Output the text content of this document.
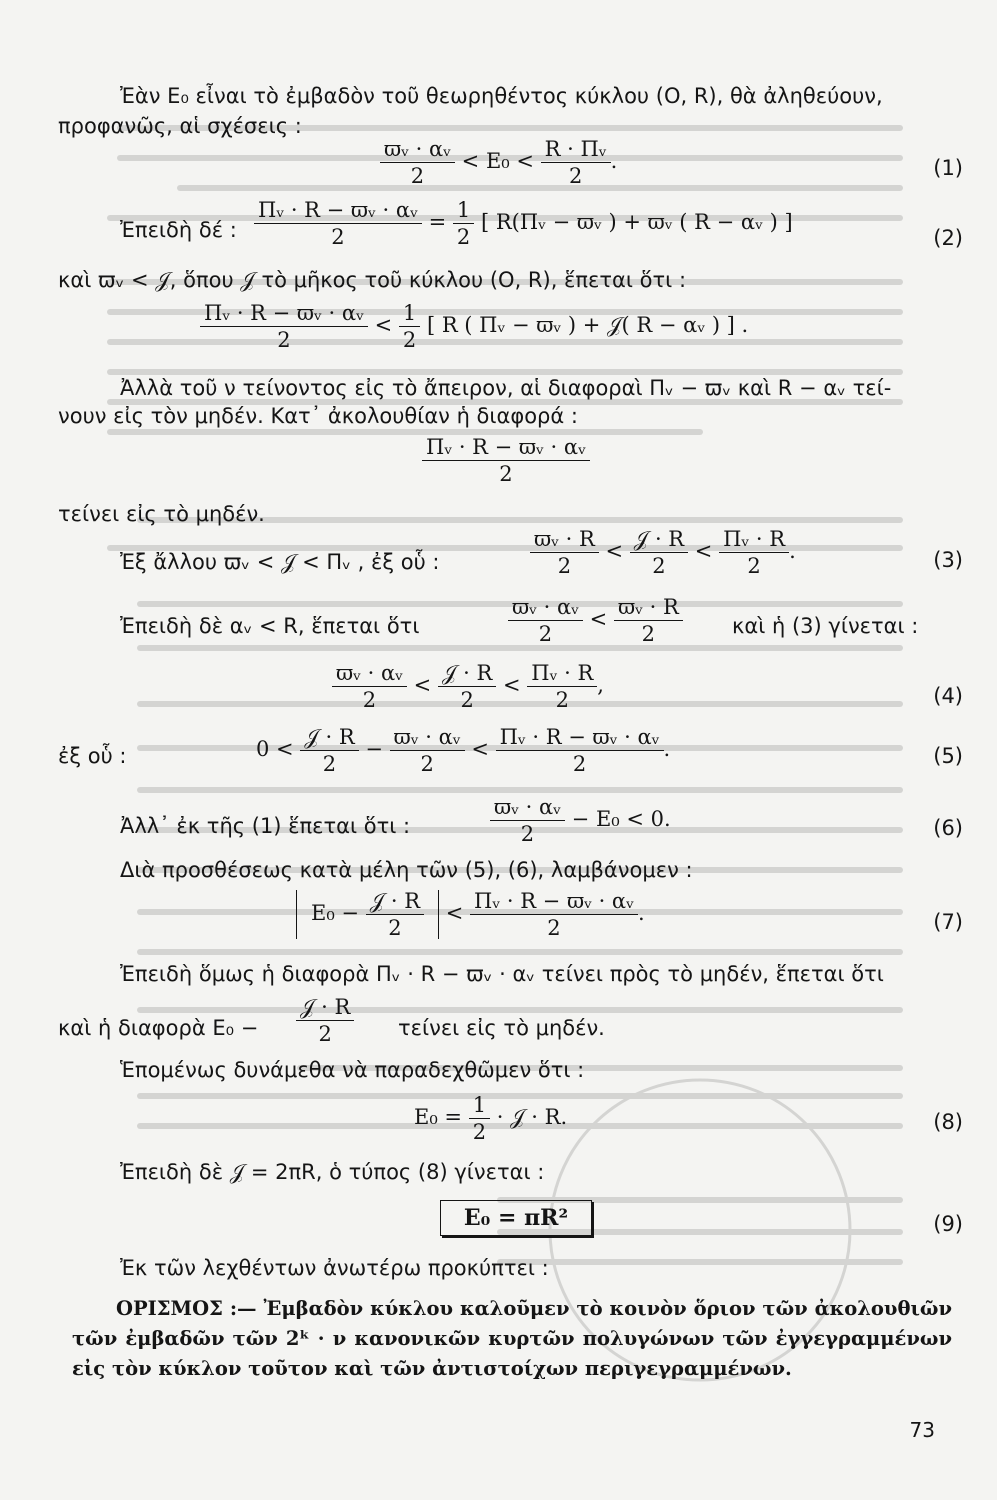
Ἐὰν E₀ εἶναι τὸ ἐμβαδὸν τοῦ θεωρηθέντος κύκλου (O, R), θὰ ἀληθεύουν,
προφανῶς, αἱ σχέσεις :
$\frac{\text{ϖᵥ · αᵥ}}{2} < E_0 < \frac{\text{R · Πᵥ}}{2}$ .	(1)
Ἐπειδὴ δέ : $\frac{\text{Πᵥ · R − ϖᵥ · αᵥ}}{2} = \frac{1}{2}$ [ R(Πᵥ − ϖᵥ ) + ϖᵥ ( R − αᵥ ) ]
(2)
καὶ ϖᵥ < 𝒥, ὅπου 𝒥 τὸ μῆκος τοῦ κύκλου (O, R), ἕπεται ὅτι :
$\frac{\text{Πᵥ · R − ϖᵥ · αᵥ}}{2} < \frac{1}{2}$ [ R ( Πᵥ − ϖᵥ ) + 𝒥( R − αᵥ ) ] .
Ἀλλὰ τοῦ ν τείνοντος εἰς τὸ ἄπειρον, αἱ διαφοραὶ Πᵥ − ϖᵥ καὶ R − αᵥ τεί-
νουν εἰς τὸν μηδέν. Κατ᾽ ἀκολουθίαν ἡ διαφορά :
$\frac{\text{Πᵥ · R − ϖᵥ · αᵥ}}{2}$
τείνει εἰς τὸ μηδέν.
Ἐξ ἄλλου ϖᵥ < 𝒥 < Πᵥ , ἐξ οὗ :	$\frac{\text{ϖᵥ · R}}{2} < \frac{\text{𝒥 · R}}{2} < \frac{\text{Πᵥ · R}}{2}$ .	(3)
Ἐπειδὴ δὲ αᵥ < R, ἕπεται ὅτι	$\frac{\text{ϖᵥ · αᵥ}}{2} < \frac{\text{ϖᵥ · R}}{2}$ καὶ ἡ (3) γίνεται :
$\frac{\text{ϖᵥ · αᵥ}}{2} < \frac{\text{𝒥 · R}}{2} < \frac{\text{Πᵥ · R}}{2}$ ,	(4)
ἐξ οὗ :	$0 < \frac{\text{𝒥 · R}}{2} - \frac{\text{ϖᵥ · αᵥ}}{2} < \frac{\text{Πᵥ · R − ϖᵥ · αᵥ}}{2}$ .	(5)
Ἀλλ᾽ ἐκ τῆς (1) ἕπεται ὅτι :	$\frac{\text{ϖᵥ · αᵥ}}{2} - E_0 < 0$.	(6)
Διὰ προσθέσεως κατὰ μέλη τῶν (5), (6), λαμβάνομεν :
$E_0 - \frac{\text{𝒥 · R}}{2} < \frac{\text{Πᵥ · R − ϖᵥ · αᵥ}}{2}$ .	(7)
Ἐπειδὴ ὅμως ἡ διαφορὰ Πᵥ · R − ϖᵥ · αᵥ τείνει πρὸς τὸ μηδέν, ἕπεται ὅτι
καὶ ἡ διαφορὰ $E_0 - \frac{\text{𝒥 · R}}{2}$ τείνει εἰς τὸ μηδέν.
Ἑπομένως δυνάμεθα νὰ παραδεχθῶμεν ὅτι :
$E_0 = \frac{1}{2}$ · 𝒥 · R.	(8)
Ἐπειδὴ δὲ 𝒥 = 2πR, ὁ τύπος (8) γίνεται :
E₀ = πR²	(9)
Ἐκ τῶν λεχθέντων ἀνωτέρω προκύπτει :
ΟΡΙΣΜΟΣ :— Ἐμβαδὸν κύκλου καλοῦμεν τὸ κοινὸν ὅριον τῶν ἀκολουθιῶν τῶν ἐμβαδῶν τῶν 2ᵏ · ν κανονικῶν κυρτῶν πολυγώνων τῶν ἐγγεγραμμένων εἰς τὸν κύκλον τοῦτον καὶ τῶν ἀντιστοίχων περιγεγραμμένων.
73
